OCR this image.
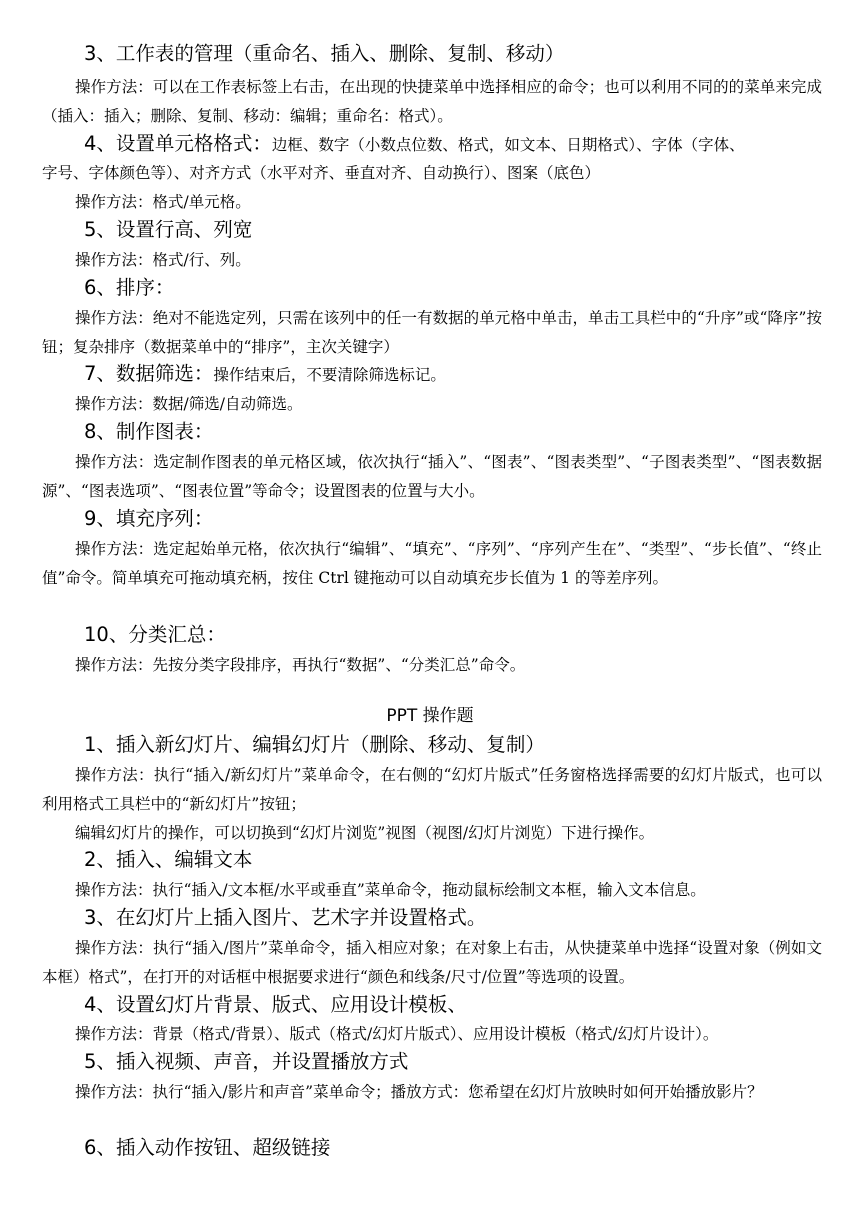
3、工作表的管理（重命名、插入、删除、复制、移动）
操作方法：可以在工作表标签上右击，在出现的快捷菜单中选择相应的命令；也可以利用不同的的菜单来完成（插入：插入；删除、复制、移动：编辑；重命名：格式）。
4、设置单元格格式：边框、数字（小数点位数、格式，如文本、日期格式）、字体（字体、
字号、字体颜色等）、对齐方式（水平对齐、垂直对齐、自动换行）、图案（底色）
操作方法：格式/单元格。
5、设置行高、列宽
操作方法：格式/行、列。
6、排序：
操作方法：绝对不能选定列，只需在该列中的任一有数据的单元格中单击，单击工具栏中的“升序”或“降序”按钮；复杂排序（数据菜单中的“排序”，主次关键字）
7、数据筛选：操作结束后，不要清除筛选标记。
操作方法：数据/筛选/自动筛选。
8、制作图表：
操作方法：选定制作图表的单元格区域，依次执行“插入”、“图表”、“图表类型”、“子图表类型”、“图表数据源”、“图表选项”、“图表位置”等命令；设置图表的位置与大小。
9、填充序列：
操作方法：选定起始单元格，依次执行“编辑”、“填充”、“序列”、“序列产生在”、“类型”、“步长值”、“终止值”命令。简单填充可拖动填充柄，按住 Ctrl 键拖动可以自动填充步长值为 1 的等差序列。
10、分类汇总：
操作方法：先按分类字段排序，再执行“数据”、“分类汇总”命令。
PPT 操作题
1、插入新幻灯片、编辑幻灯片（删除、移动、复制）
操作方法：执行“插入/新幻灯片”菜单命令，在右侧的“幻灯片版式”任务窗格选择需要的幻灯片版式，也可以利用格式工具栏中的“新幻灯片”按钮；
编辑幻灯片的操作，可以切换到“幻灯片浏览”视图（视图/幻灯片浏览）下进行操作。
2、插入、编辑文本
操作方法：执行“插入/文本框/水平或垂直”菜单命令，拖动鼠标绘制文本框，输入文本信息。
3、在幻灯片上插入图片、艺术字并设置格式。
操作方法：执行“插入/图片”菜单命令，插入相应对象；在对象上右击，从快捷菜单中选择“设置对象（例如文本框）格式”，在打开的对话框中根据要求进行“颜色和线条/尺寸/位置”等选项的设置。
4、设置幻灯片背景、版式、应用设计模板、
操作方法：背景（格式/背景）、版式（格式/幻灯片版式）、应用设计模板（格式/幻灯片设计）。
5、插入视频、声音，并设置播放方式
操作方法：执行“插入/影片和声音”菜单命令；播放方式：您希望在幻灯片放映时如何开始播放影片？
6、插入动作按钮、超级链接
